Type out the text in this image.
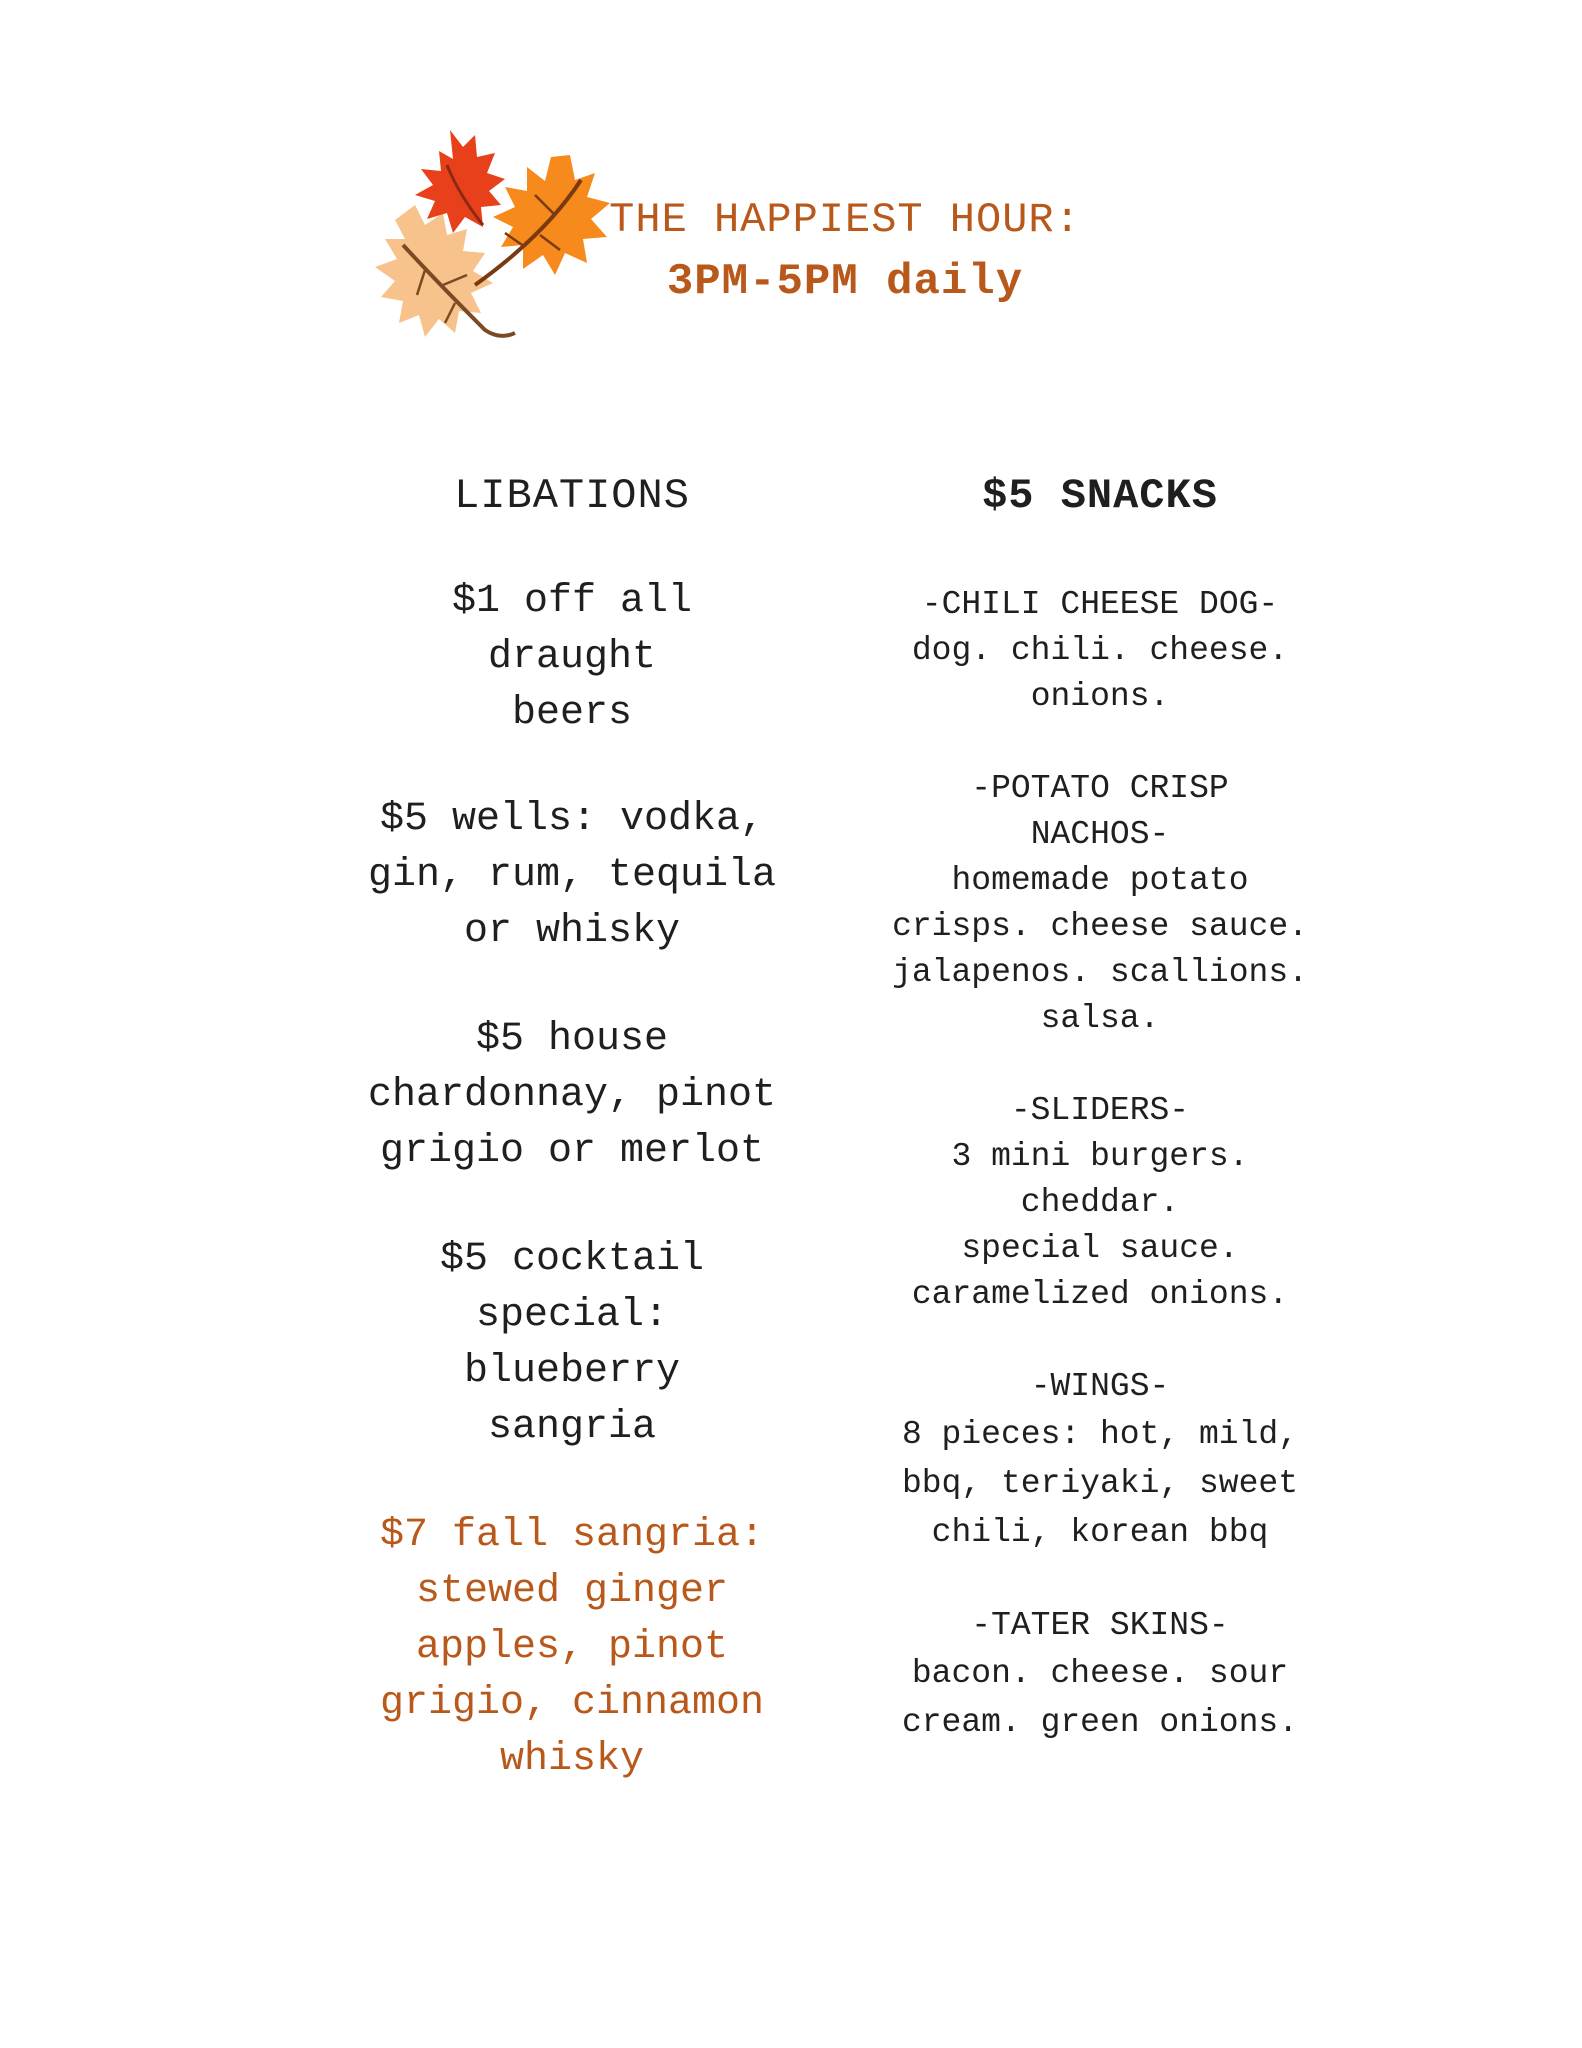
THE HAPPIEST HOUR:
3PM-5PM daily
LIBATIONS

$1 off all draught
beers

$5 wells: vodka,
gin, rum, tequila
or whisky

$5 house
chardonnay, pinot
grigio or merlot

$5 cocktail
special: blueberry
sangria

$7 fall sangria:
stewed ginger
apples, pinot
grigio, cinnamon
whisky

$5 SNACKS
-CHILI CHEESE DOG-
dog. chili. cheese.
onions.
-POTATO CRISP
NACHOS-
homemade potato
crisps. cheese sauce.
jalapenos. scallions.
salsa.
-SLIDERS-
3 mini burgers.
cheddar.
special sauce.
caramelized onions.
-WINGS-
8 pieces: hot, mild,
bbq, teriyaki, sweet
chili, korean bbq
-TATER SKINS-
bacon. cheese. sour
cream. green onions.
